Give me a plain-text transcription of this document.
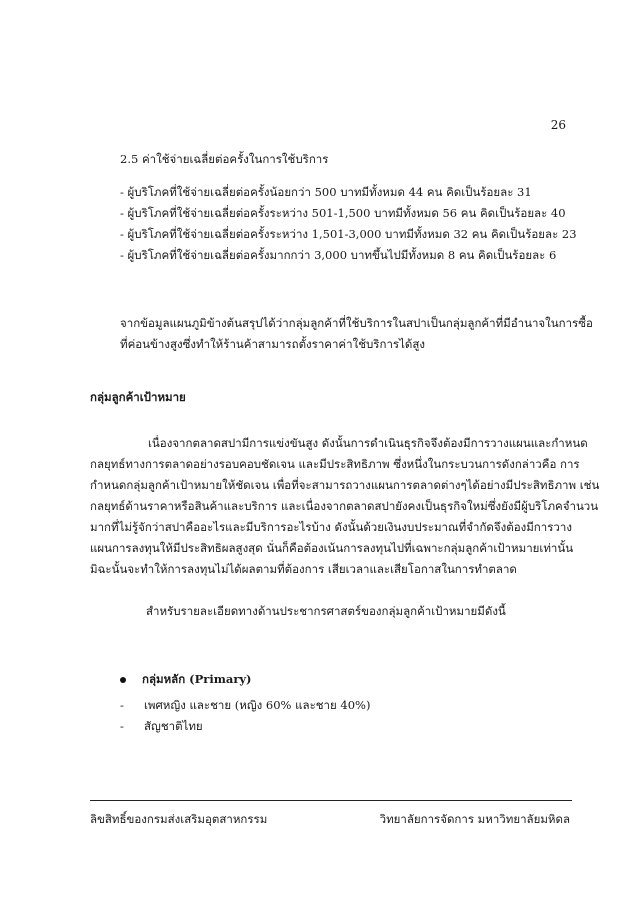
26
2.5 ค่าใช้จ่ายเฉลี่ยต่อครั้งในการใช้บริการ
- ผู้บริโภคที่ใช้จ่ายเฉลี่ยต่อครั้งน้อยกว่า 500 บาทมีทั้งหมด 44 คน คิดเป็นร้อยละ 31
- ผู้บริโภคที่ใช้จ่ายเฉลี่ยต่อครั้งระหว่าง 501-1,500 บาทมีทั้งหมด 56 คน คิดเป็นร้อยละ 40
- ผู้บริโภคที่ใช้จ่ายเฉลี่ยต่อครั้งระหว่าง 1,501-3,000 บาทมีทั้งหมด 32 คน คิดเป็นร้อยละ 23
- ผู้บริโภคที่ใช้จ่ายเฉลี่ยต่อครั้งมากกว่า 3,000 บาทขึ้นไปมีทั้งหมด 8 คน คิดเป็นร้อยละ 6
จากข้อมูลแผนภูมิข้างต้นสรุปได้ว่ากลุ่มลูกค้าที่ใช้บริการในสปาเป็นกลุ่มลูกค้าที่มีอำนาจในการซื้อ
ที่ค่อนข้างสูงซึ่งทำให้ร้านค้าสามารถตั้งราคาค่าใช้บริการได้สูง
กลุ่มลูกค้าเป้าหมาย
เนื่องจากตลาดสปามีการแข่งขันสูง ดังนั้นการดำเนินธุรกิจจึงต้องมีการวางแผนและกำหนด
กลยุทธ์ทางการตลาดอย่างรอบคอบชัดเจน และมีประสิทธิภาพ ซึ่งหนึ่งในกระบวนการดังกล่าวคือ การ
กำหนดกลุ่มลูกค้าเป้าหมายให้ชัดเจน เพื่อที่จะสามารถวางแผนการตลาดต่างๆได้อย่างมีประสิทธิภาพ เช่น
กลยุทธ์ด้านราคาหรือสินค้าและบริการ และเนื่องจากตลาดสปายังคงเป็นธุรกิจใหม่ซึ่งยังมีผู้บริโภคจำนวน
มากที่ไม่รู้จักว่าสปาคืออะไรและมีบริการอะไรบ้าง ดังนั้นด้วยเงินงบประมาณที่จำกัดจึงต้องมีการวาง
แผนการลงทุนให้มีประสิทธิผลสูงสุด นั่นก็คือต้องเน้นการลงทุนไปที่เฉพาะกลุ่มลูกค้าเป้าหมายเท่านั้น
มิฉะนั้นจะทำให้การลงทุนไม่ได้ผลตามที่ต้องการ เสียเวลาและเสียโอกาสในการทำตลาด
สำหรับรายละเอียดทางด้านประชากรศาสตร์ของกลุ่มลูกค้าเป้าหมายมีดังนี้
กลุ่มหลัก (Primary)
- เพศหญิง และชาย (หญิง 60% และชาย 40%)
- สัญชาติไทย
ลิขสิทธิ์ของกรมส่งเสริมอุตสาหกรรม	วิทยาลัยการจัดการ มหาวิทยาลัยมหิดล
